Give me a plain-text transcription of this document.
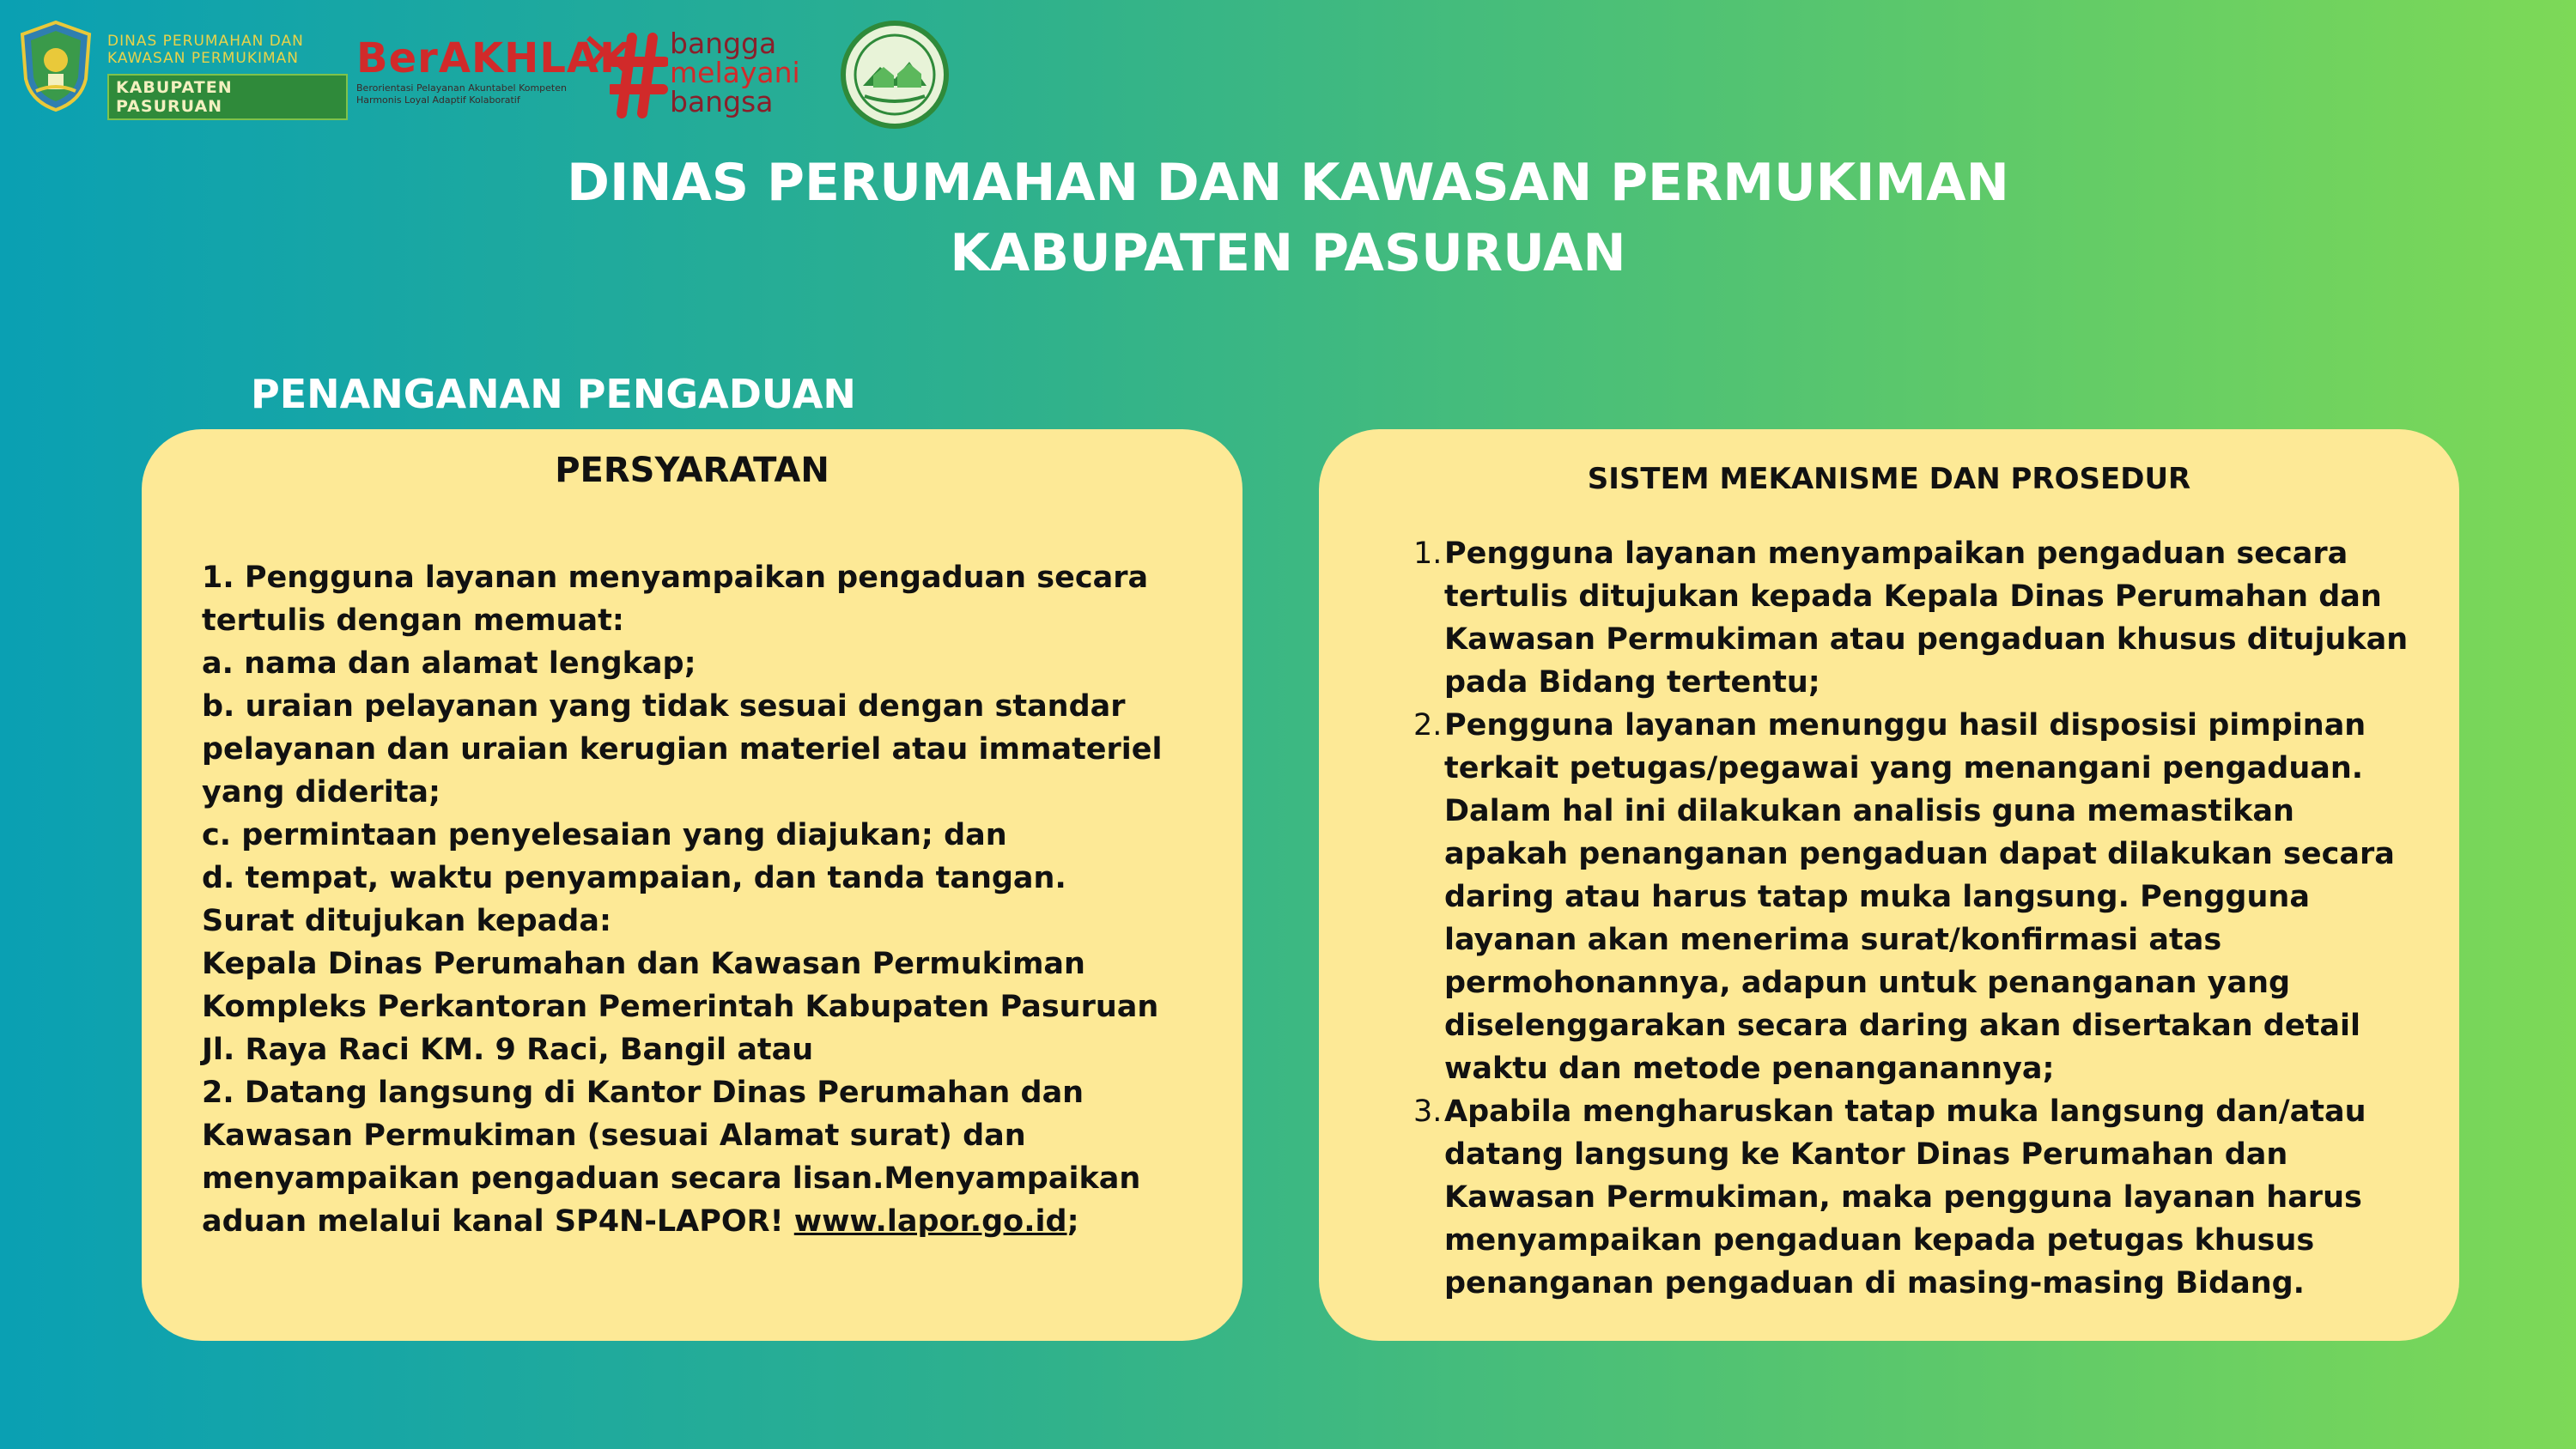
DINAS PERUMAHAN DAN
KAWASAN PERMUKIMAN
KABUPATEN PASURUAN
BerAKHLAK
Berorientasi Pelayanan Akuntabel Kompeten
Harmonis Loyal Adaptif Kolaboratif
bangga
melayani
bangsa
DINAS PERUMAHAN DAN KAWASAN PERMUKIMAN
KABUPATEN PASURUAN
PENANGANAN PENGADUAN
PERSYARATAN

1. Pengguna layanan menyampaikan pengaduan secara tertulis dengan memuat:

a. nama dan alamat lengkap;

b. uraian pelayanan yang tidak sesuai dengan standar pelayanan dan uraian kerugian materiel atau immateriel yang diderita;

c. permintaan penyelesaian yang diajukan; dan

d. tempat, waktu penyampaian, dan tanda tangan.

Surat ditujukan kepada:

Kepala Dinas Perumahan dan Kawasan Permukiman

Kompleks Perkantoran Pemerintah Kabupaten Pasuruan Jl. Raya Raci KM. 9 Raci, Bangil atau

2. Datang langsung di Kantor Dinas Perumahan dan Kawasan Permukiman (sesuai Alamat surat) dan menyampaikan pengaduan secara lisan.Menyampaikan aduan melalui kanal SP4N-LAPOR! www.lapor.go.id;

SISTEM MEKANISME DAN PROSEDUR
1. Pengguna layanan menyampaikan pengaduan secara tertulis ditujukan kepada Kepala Dinas Perumahan dan Kawasan Permukiman atau pengaduan khusus ditujukan pada Bidang tertentu;
2. Pengguna layanan menunggu hasil disposisi pimpinan terkait petugas/pegawai yang menangani pengaduan. Dalam hal ini dilakukan analisis guna memastikan apakah penanganan pengaduan dapat dilakukan secara daring atau harus tatap muka langsung. Pengguna layanan akan menerima surat/konfirmasi atas permohonannya, adapun untuk penanganan yang diselenggarakan secara daring akan disertakan detail waktu dan metode penanganannya;
3. Apabila mengharuskan tatap muka langsung dan/atau datang langsung ke Kantor Dinas Perumahan dan Kawasan Permukiman, maka pengguna layanan harus menyampaikan pengaduan kepada petugas khusus penanganan pengaduan di masing-masing Bidang.
